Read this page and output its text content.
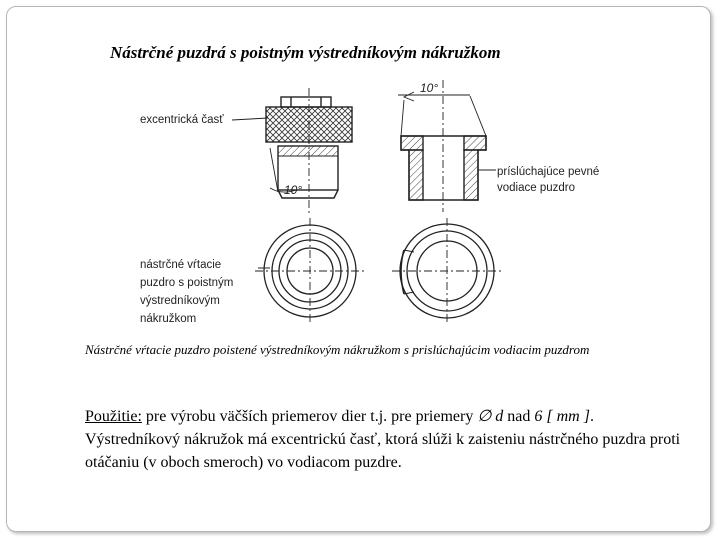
Nástrčné puzdrá s poistným výstredníkovým nákružkom
excentrická časť
10°
10°
príslúchajúce pevné
vodiace puzdro
nástrčné vŕtacie
puzdro s poistným
výstredníkovým
nákružkom
Nástrčné vŕtacie puzdro poistené výstredníkovým nákružkom s prislúchajúcim vodiacim puzdrom
Použitie: pre výrobu väčších priemerov dier t.j. pre priemery ∅ d nad 6 [ mm ]. Výstredníkový nákružok má excentrickú časť, ktorá slúži k zaisteniu nástrčného puzdra proti otáčaniu (v oboch smeroch) vo vodiacom puzdre.
